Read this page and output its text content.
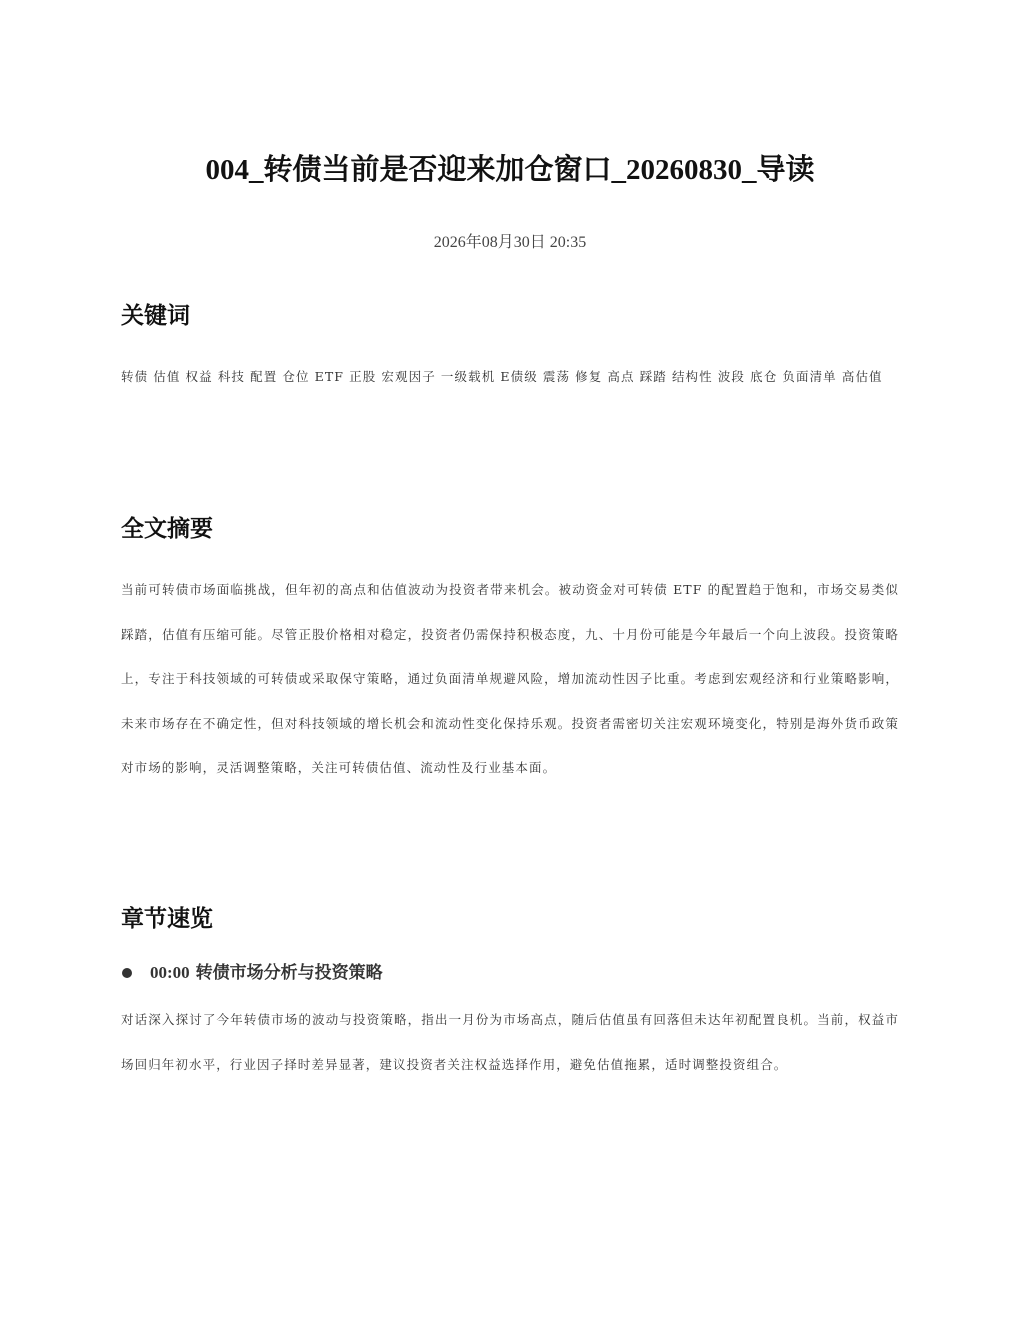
004_转债当前是否迎来加仓窗口_20260830_导读
2026年08月30日 20:35
关键词

转债 估值 权益 科技 配置 仓位 ETF 正股 宏观因子 一级载机 E债级 震荡 修复 高点 踩踏 结构性 波段 底仓 负面清单 高估值

全文摘要

当前可转债市场面临挑战，但年初的高点和估值波动为投资者带来机会。被动资金对可转债 ETF 的配置趋于饱和，市场交易类似踩踏，估值有压缩可能。尽管正股价格相对稳定，投资者仍需保持积极态度，九、十月份可能是今年最后一个向上波段。投资策略上，专注于科技领域的可转债或采取保守策略，通过负面清单规避风险，增加流动性因子比重。考虑到宏观经济和行业策略影响，未来市场存在不确定性，但对科技领域的增长机会和流动性变化保持乐观。投资者需密切关注宏观环境变化，特别是海外货币政策对市场的影响，灵活调整策略，关注可转债估值、流动性及行业基本面。

章节速览
00:00 转债市场分析与投资策略

对话深入探讨了今年转债市场的波动与投资策略，指出一月份为市场高点，随后估值虽有回落但未达年初配置良机。当前，权益市场回归年初水平，行业因子择时差异显著，建议投资者关注权益选择作用，避免估值拖累，适时调整投资组合。
